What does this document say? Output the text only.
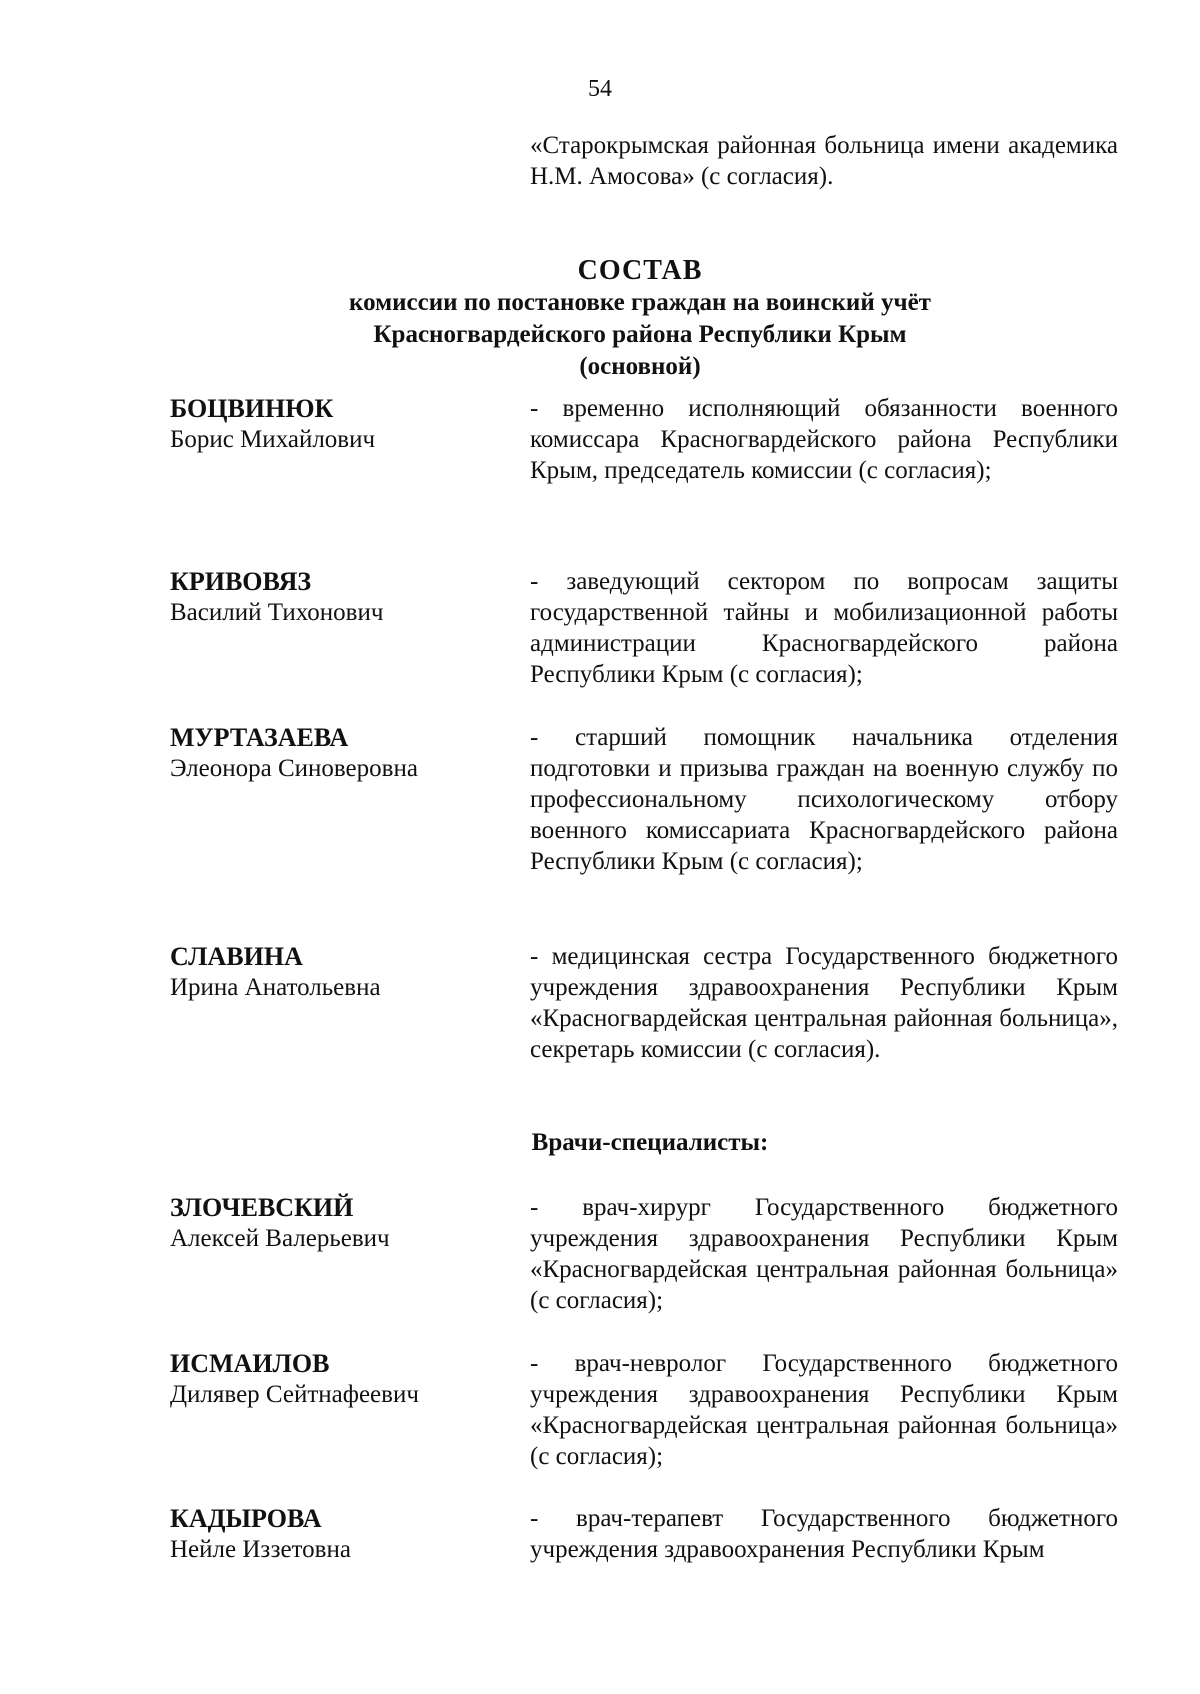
54
«Старокрымская районная больница имени академика Н.М. Амосова» (с согласия).
СОСТАВ
комиссии по постановке граждан на воинский учёт
Красногвардейского района Республики Крым
(основной)
БОЦВИНЮК
Борис Михайлович
- временно исполняющий обязанности военного комиссара Красногвардейского района Республики Крым, председатель комиссии (с согласия);
КРИВОВЯЗ
Василий Тихонович
- заведующий сектором по вопросам защиты государственной тайны и мобилизационной работы администрации Красногвардейского района Республики Крым (с согласия);
МУРТАЗАЕВА
Элеонора Синоверовна
- старший помощник начальника отделения подготовки и призыва граждан на военную службу по профессиональному психологическому отбору военного комиссариата Красногвардейского района Республики Крым (с согласия);
СЛАВИНА
Ирина Анатольевна
- медицинская сестра Государственного бюджетного учреждения здравоохранения Республики Крым «Красногвардейская центральная районная больница», секретарь комиссии (с согласия).
Врачи-специалисты:
ЗЛОЧЕВСКИЙ
Алексей Валерьевич
- врач-хирург Государственного бюджетного учреждения здравоохранения Республики Крым «Красногвардейская центральная районная больница» (с согласия);
ИСМАИЛОВ
Дилявер Сейтнафеевич
- врач-невролог Государственного бюджетного учреждения здравоохранения Республики Крым «Красногвардейская центральная районная больница» (с согласия);
КАДЫРОВА
Нейле Иззетовна
- врач-терапевт Государственного бюджетного учреждения здравоохранения Республики Крым
